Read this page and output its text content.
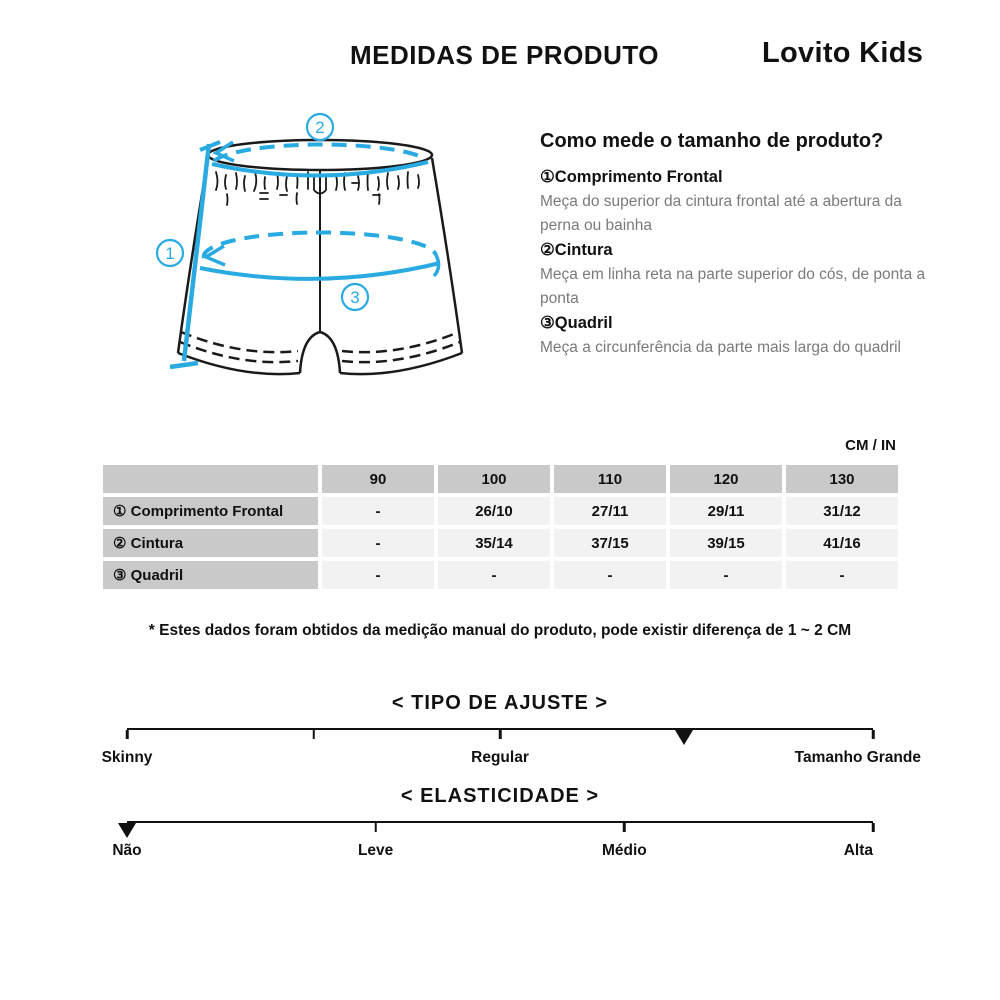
MEDIDAS DE PRODUTO	Lovito Kids
1
2
3
Como mede o tamanho de produto?
①Comprimento Frontal
Meça do superior da cintura frontal até a abertura da perna ou bainha
②Cintura
Meça em linha reta na parte superior do cós, de ponta a ponta
③Quadril
Meça a circunferência da parte mais larga do quadril
CM / IN
	90	100	110	120	130
① Comprimento Frontal	-	26/10	27/11	29/11	31/12
② Cintura	-	35/14	37/15	39/15	41/16
③ Quadril	-	-	-	-	-
* Estes dados foram obtidos da medição manual do produto, pode existir diferença de 1 ~ 2 CM
< TIPO DE AJUSTE >
Skinny	Regular	Tamanho Grande
< ELASTICIDADE >
Não	Leve	Médio	Alta
